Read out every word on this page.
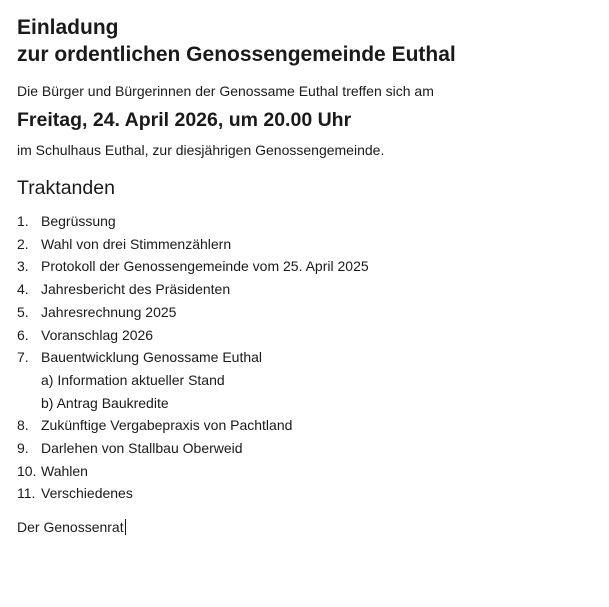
Einladung
zur ordentlichen Genossengemeinde Euthal

Die Bürger und Bürgerinnen der Genossame Euthal treffen sich am

Freitag, 24. April 2026, um 20.00 Uhr

im Schulhaus Euthal, zur diesjährigen Genossengemeinde.

Traktanden
1. Begrüssung
2. Wahl von drei Stimmenzählern
3. Protokoll der Genossengemeinde vom 25. April 2025
4. Jahresbericht des Präsidenten
5. Jahresrechnung 2025
6. Voranschlag 2026
7. Bauentwicklung Genossame Euthal
a) Information aktueller Stand
b) Antrag Baukredite
8. Zukünftige Vergabepraxis von Pachtland
9. Darlehen von Stallbau Oberweid
10. Wahlen
11. Verschiedenes

Der Genossenrat
